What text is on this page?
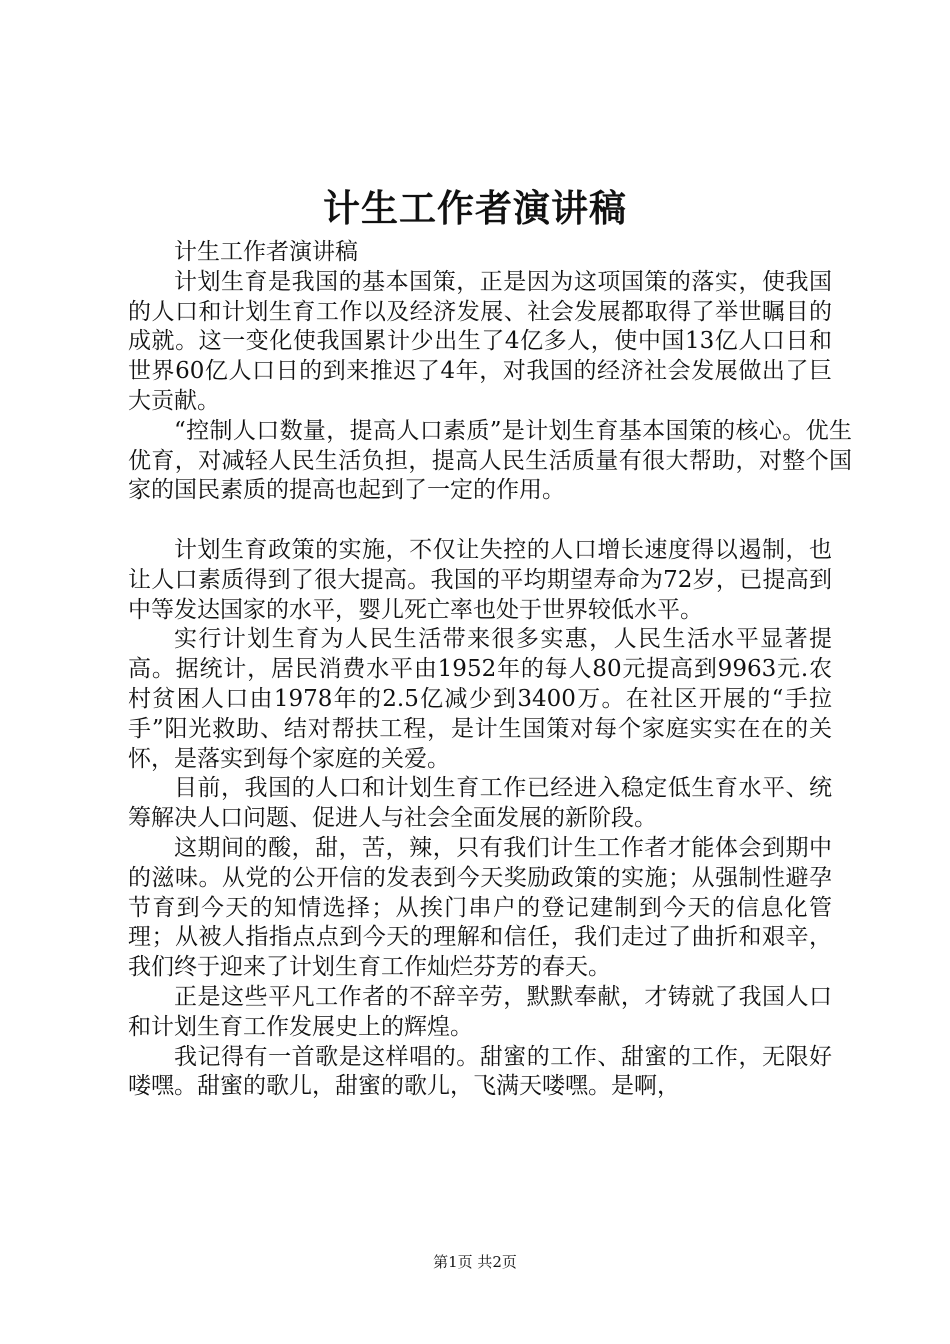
计生工作者演讲稿

计生工作者演讲稿

计划生育是我国的基本国策，正是因为这项国策的落实，使我国的人口和计划生育工作以及经济发展、社会发展都取得了举世瞩目的成就。这一变化使我国累计少出生了4亿多人，使中国13亿人口日和世界60亿人口日的到来推迟了4年，对我国的经济社会发展做出了巨大贡献。

“控制人口数量，提高人口素质”是计划生育基本国策的核心。优生优育，对减轻人民生活负担，提高人民生活质量有很大帮助，对整个国家的国民素质的提高也起到了一定的作用。

计划生育政策的实施，不仅让失控的人口增长速度得以遏制，也让人口素质得到了很大提高。我国的平均期望寿命为72岁，已提高到中等发达国家的水平，婴儿死亡率也处于世界较低水平。

实行计划生育为人民生活带来很多实惠，人民生活水平显著提高。据统计，居民消费水平由1952年的每人80元提高到9963元.农村贫困人口由1978年的2.5亿减少到3400万。在社区开展的“手拉手”阳光救助、结对帮扶工程，是计生国策对每个家庭实实在在的关怀，是落实到每个家庭的关爱。

目前，我国的人口和计划生育工作已经进入稳定低生育水平、统筹解决人口问题、促进人与社会全面发展的新阶段。

这期间的酸，甜，苦，辣，只有我们计生工作者才能体会到期中的滋味。从党的公开信的发表到今天奖励政策的实施；从强制性避孕节育到今天的知情选择；从挨门串户的登记建制到今天的信息化管理；从被人指指点点到今天的理解和信任，我们走过了曲折和艰辛，我们终于迎来了计划生育工作灿烂芬芳的春天。

正是这些平凡工作者的不辞辛劳，默默奉献，才铸就了我国人口和计划生育工作发展史上的辉煌。

我记得有一首歌是这样唱的。甜蜜的工作、甜蜜的工作，无限好喽嘿。甜蜜的歌儿，甜蜜的歌儿，飞满天喽嘿。是啊，

第1页 共2页
